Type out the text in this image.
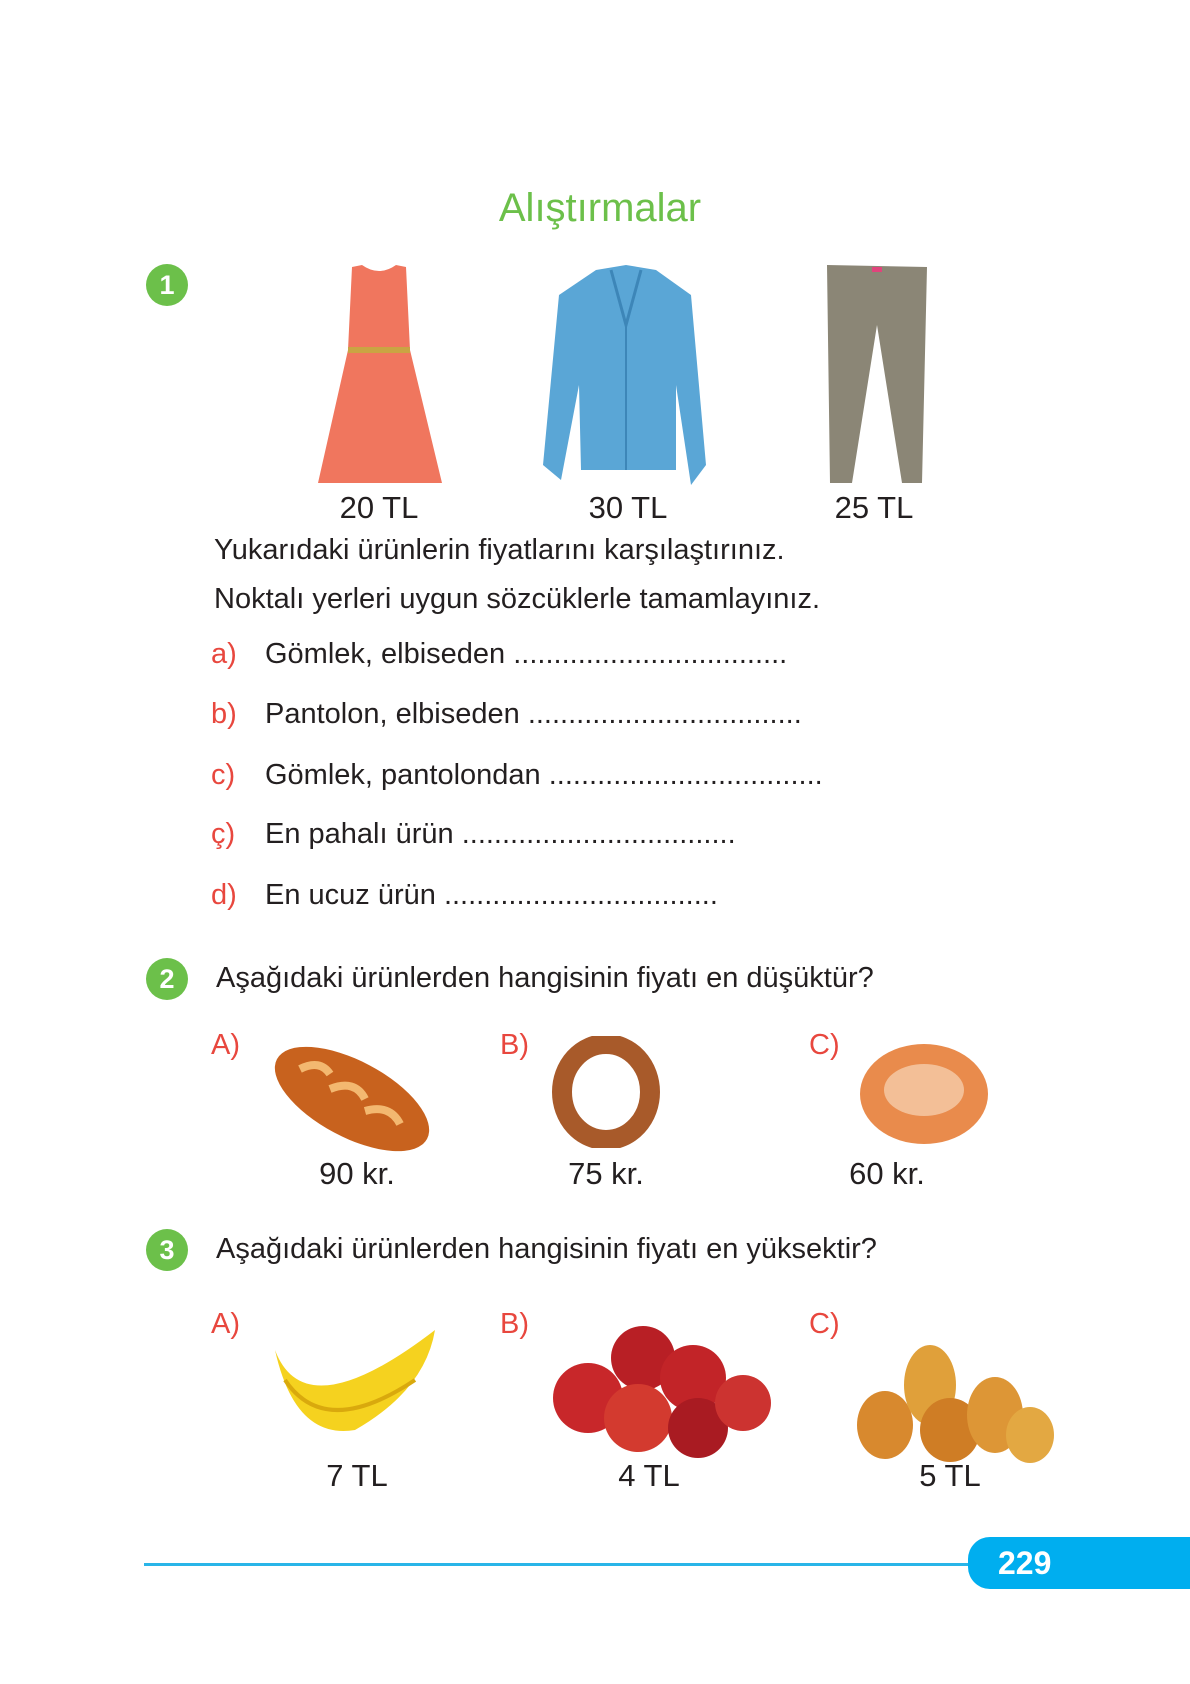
Alıştırmalar
1
20 TL	30 TL	25 TL
Yukarıdaki ürünlerin fiyatlarını karşılaştırınız.
Noktalı yerleri uygun sözcüklerle tamamlayınız.
a) Gömlek, elbiseden ..................................
b) Pantolon, elbiseden ..................................
c) Gömlek, pantolondan ..................................
ç) En pahalı ürün ..................................
d) En ucuz ürün ..................................
2	Aşağıdaki ürünlerden hangisinin fiyatı en düşüktür?
A)	B)	C)
90 kr.	75 kr.	60 kr.
3	Aşağıdaki ürünlerden hangisinin fiyatı en yüksektir?
A)	B)	C)
7 TL	4 TL	5 TL
229
